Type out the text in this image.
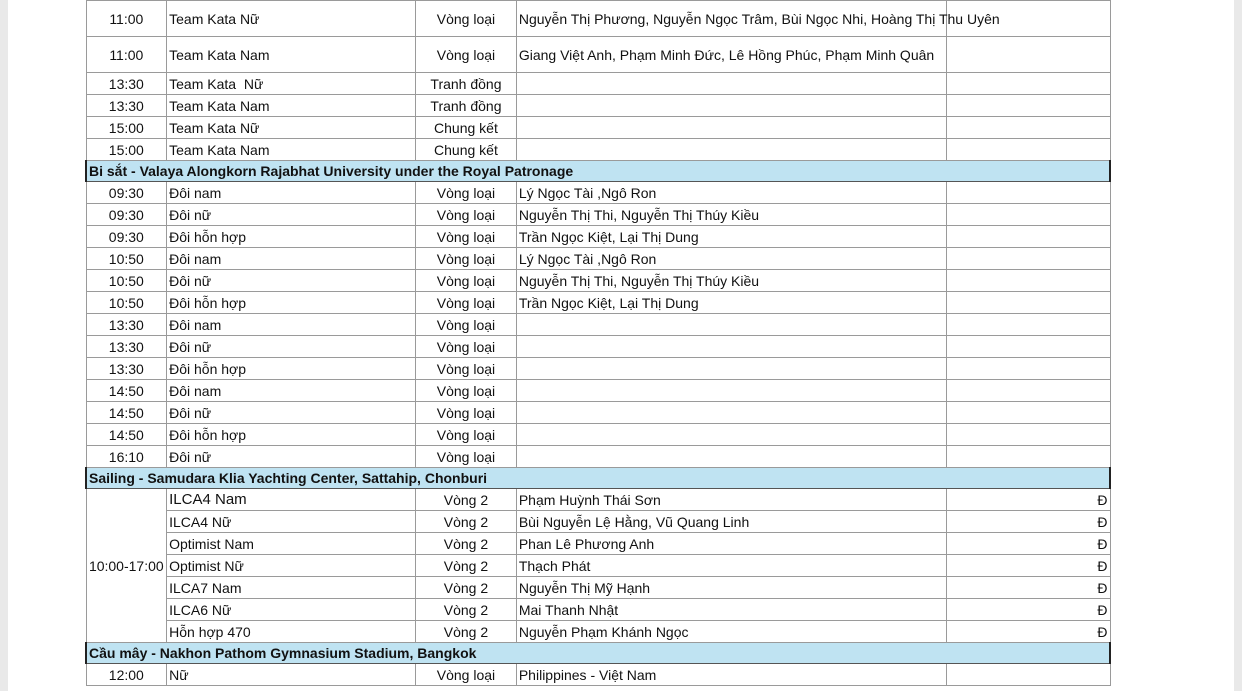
11:00	Team Kata Nữ	Vòng loại	Nguyễn Thị Phương, Nguyễn Ngọc Trâm, Bùi Ngọc Nhi, Hoàng Thị Thu Uyên	
11:00	Team Kata Nam	Vòng loại	Giang Việt Anh, Phạm Minh Đức, Lê Hồng Phúc, Phạm Minh Quân	
13:30	Team Kata  Nữ	Tranh đồng		
13:30	Team Kata Nam	Tranh đồng		
15:00	Team Kata Nữ	Chung kết		
15:00	Team Kata Nam	Chung kết		
Bi sắt - Valaya Alongkorn Rajabhat University under the Royal Patronage				
09:30	Đôi nam	Vòng loại	Lý Ngọc Tài ,Ngô Ron	
09:30	Đôi nữ	Vòng loại	Nguyễn Thị Thi, Nguyễn Thị Thúy Kiều	
09:30	Đôi hỗn hợp	Vòng loại	Trần Ngọc Kiệt, Lại Thị Dung	
10:50	Đôi nam	Vòng loại	Lý Ngọc Tài ,Ngô Ron	
10:50	Đôi nữ	Vòng loại	Nguyễn Thị Thi, Nguyễn Thị Thúy Kiều	
10:50	Đôi hỗn hợp	Vòng loại	Trần Ngọc Kiệt, Lại Thị Dung	
13:30	Đôi nam	Vòng loại		
13:30	Đôi nữ	Vòng loại		
13:30	Đôi hỗn hợp	Vòng loại		
14:50	Đôi nam	Vòng loại		
14:50	Đôi nữ	Vòng loại		
14:50	Đôi hỗn hợp	Vòng loại		
16:10	Đôi nữ	Vòng loại		
Sailing - Samudara Klia Yachting Center, Sattahip, Chonburi				
10:00-17:00	ILCA4 Nam	Vòng 2	Phạm Huỳnh Thái Sơn	Đ
	ILCA4 Nữ	Vòng 2	Bùi Nguyễn Lệ Hằng, Vũ Quang Linh	Đ
	Optimist Nam	Vòng 2	Phan Lê Phương Anh	Đ
	Optimist Nữ	Vòng 2	Thạch Phát	Đ
	ILCA7 Nam	Vòng 2	Nguyễn Thị Mỹ Hạnh	Đ
	ILCA6 Nữ	Vòng 2	Mai Thanh Nhật	Đ
	Hỗn hợp 470	Vòng 2	Nguyễn Phạm Khánh Ngọc	Đ
Cầu mây - Nakhon Pathom Gymnasium Stadium, Bangkok				
12:00	Nữ	Vòng loại	Philippines - Việt Nam	
